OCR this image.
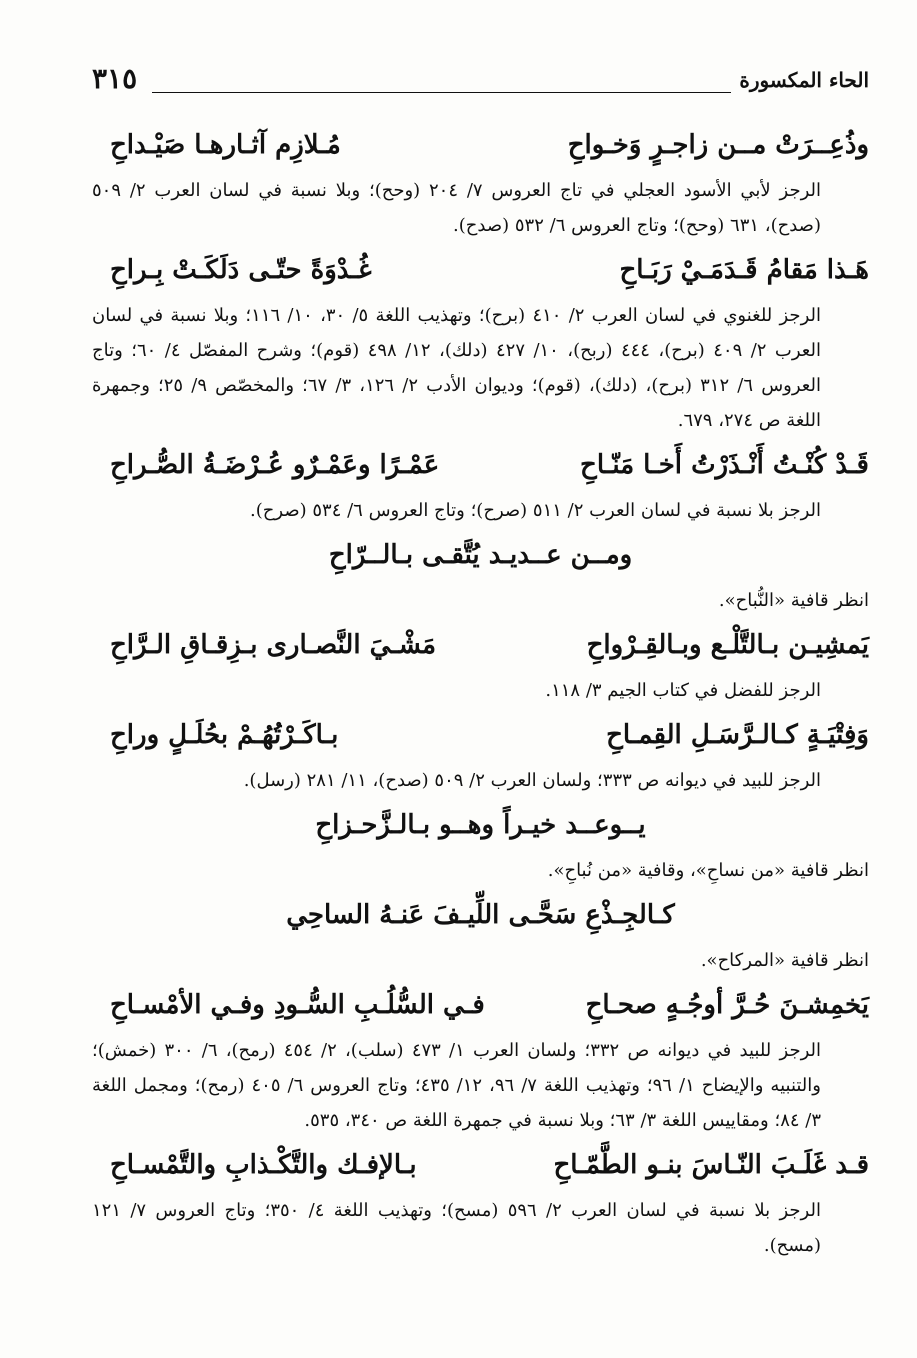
الحاء المكسورة
٣١٥
وذُعِــرَتْ مــن زاجـرٍ وَخـواحِ
مُـلازِم آثـارهـا صَيْـداحِ
الرجز لأبي الأسود العجلي في تاج العروس ٧/ ٢٠٤ (وحح)؛ وبلا نسبة في لسان العرب ٢/ ٥٠٩ (صدح)، ٦٣١ (وحح)؛ وتاج العروس ٦/ ٥٣٢ (صدح).
هَـذا مَقامُ قَـدَمَـيْ رَبَـاحِ
غُـدْوَةً حتّـى دَلَكَـتْ بِـراحِ
الرجز للغنوي في لسان العرب ٢/ ٤١٠ (برح)؛ وتهذيب اللغة ٥/ ٣٠، ١٠/ ١١٦؛ وبلا نسبة في لسان العرب ٢/ ٤٠٩ (برح)، ٤٤٤ (ربح)، ١٠/ ٤٢٧ (دلك)، ١٢/ ٤٩٨ (قوم)؛ وشرح المفصّل ٤/ ٦٠؛ وتاج العروس ٦/ ٣١٢ (برح)، (دلك)، (قوم)؛ وديوان الأدب ٢/ ١٢٦، ٣/ ٦٧؛ والمخصّص ٩/ ٢٥؛ وجمهرة اللغة ص ٢٧٤، ٦٧٩.
قَـدْ كُنْـتُ أَنْـذَرْتُ أَخـا مَنّـاحِ
عَمْـرًا وعَمْـرٌو عُـرْضَـةُ الصُّـراحِ
الرجز بلا نسبة في لسان العرب ٢/ ٥١١ (صرح)؛ وتاج العروس ٦/ ٥٣٤ (صرح).
ومــن عــديـد يُتَّقـى بـالــرّاحِ
انظر قافية «النُّباح».
يَمشِيـن بـالتَّلْـع وبـالقِـرْواحِ
مَشْـيَ النَّصـارى بـزِقـاقِ الـرَّاحِ
الرجز للفضل في كتاب الجيم ٣/ ١١٨.
وَفِتْيَـةٍ كـالـرَّسَـلِ القِمـاحِ
بـاكَـرْتُهُـمْ بحُلَـلٍ وراحِ
الرجز للبيد في ديوانه ص ٣٣٣؛ ولسان العرب ٢/ ٥٠٩ (صدح)، ١١/ ٢٨١ (رسل).
يــوعــد خيـراً وهــو بـالـزَّحـزاحِ
انظر قافية «من نساحِ»، وقافية «من نُباحِ».
كـالجِـذْعِ سَحَّـى اللِّيـفَ عَنـهُ الساحِي
انظر قافية «المركاح».
يَخمِشـنَ حُـرَّ أوجُـهٍ صحـاحِ
فـي السُّلُـبِ السُّـودِ وفـي الأمْسـاحِ
الرجز للبيد في ديوانه ص ٣٣٢؛ ولسان العرب ١/ ٤٧٣ (سلب)، ٢/ ٤٥٤ (رمح)، ٦/ ٣٠٠ (خمش)؛ والتنبيه والإيضاح ١/ ٩٦؛ وتهذيب اللغة ٧/ ٩٦، ١٢/ ٤٣٥؛ وتاج العروس ٦/ ٤٠٥ (رمح)؛ ومجمل اللغة ٣/ ٨٤؛ ومقاييس اللغة ٣/ ٦٣؛ وبلا نسبة في جمهرة اللغة ص ٣٤٠، ٥٣٥.
قـد غَلَـبَ النّـاسَ بنـو الطَّمّـاحِ
بـالإفـك والتَّكْـذابِ والتَّمْسـاحِ
الرجز بلا نسبة في لسان العرب ٢/ ٥٩٦ (مسح)؛ وتهذيب اللغة ٤/ ٣٥٠؛ وتاج العروس ٧/ ١٢١ (مسح).
